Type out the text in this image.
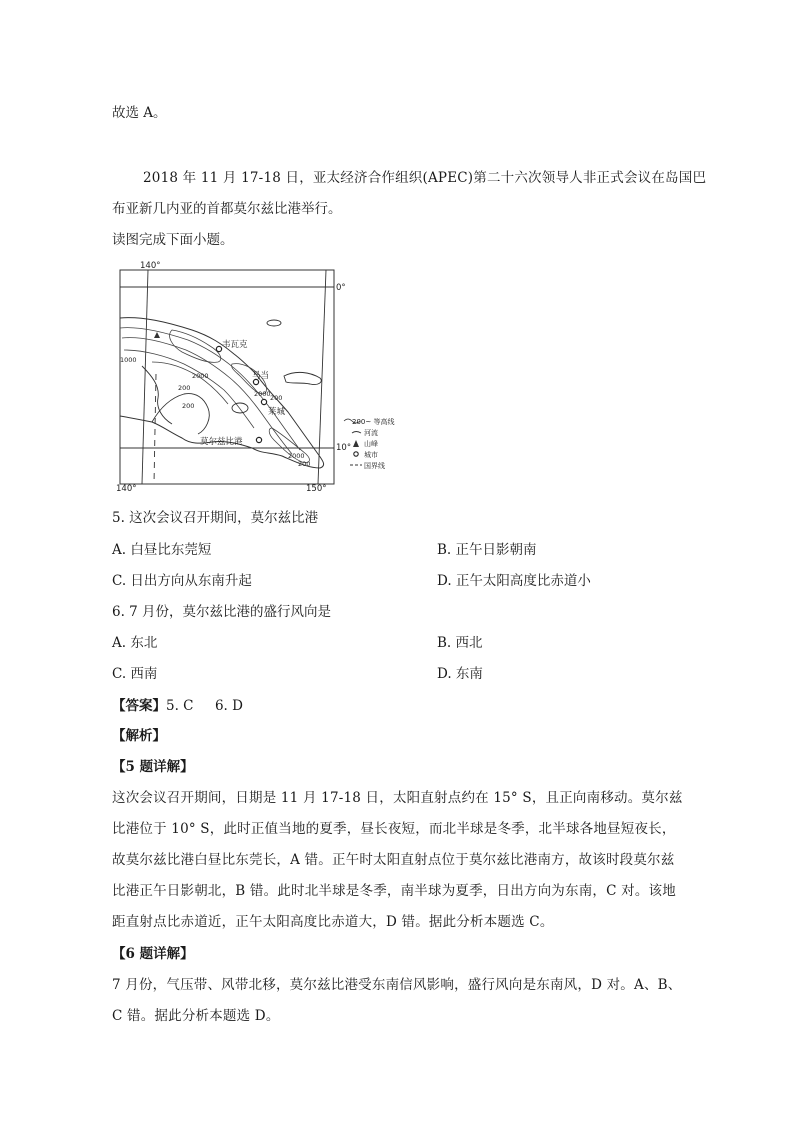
故选 A。
2018 年 11 月 17-18 日，亚太经济合作组织(APEC)第二十六次领导人非正式会议在岛国巴
布亚新几内亚的首都莫尔兹比港举行。
读图完成下面小题。
140°
140°	150°
0°
10°
1000
2000
200
2000
200
200
2000
200
韦瓦克
马当
莱城
莫尔兹比港
200~ 等高线
河流
山峰
城市
国界线
5. 这次会议召开期间，莫尔兹比港
A. 白昼比东莞短	B. 正午日影朝南
C. 日出方向从东南升起	D. 正午太阳高度比赤道小
6. 7 月份，莫尔兹比港的盛行风向是
A. 东北	B. 西北
C. 西南	D. 东南
【答案】5. C     6. D
【解析】
【5 题详解】
这次会议召开期间，日期是 11 月 17-18 日，太阳直射点约在 15° S，且正向南移动。莫尔兹
比港位于 10° S，此时正值当地的夏季，昼长夜短，而北半球是冬季，北半球各地昼短夜长，
故莫尔兹比港白昼比东莞长，A 错。正午时太阳直射点位于莫尔兹比港南方，故该时段莫尔兹
比港正午日影朝北，B 错。此时北半球是冬季，南半球为夏季，日出方向为东南，C 对。该地
距直射点比赤道近，正午太阳高度比赤道大，D 错。据此分析本题选 C。
【6 题详解】
7 月份，气压带、风带北移，莫尔兹比港受东南信风影响，盛行风向是东南风，D 对。A、B、
C 错。据此分析本题选 D。
